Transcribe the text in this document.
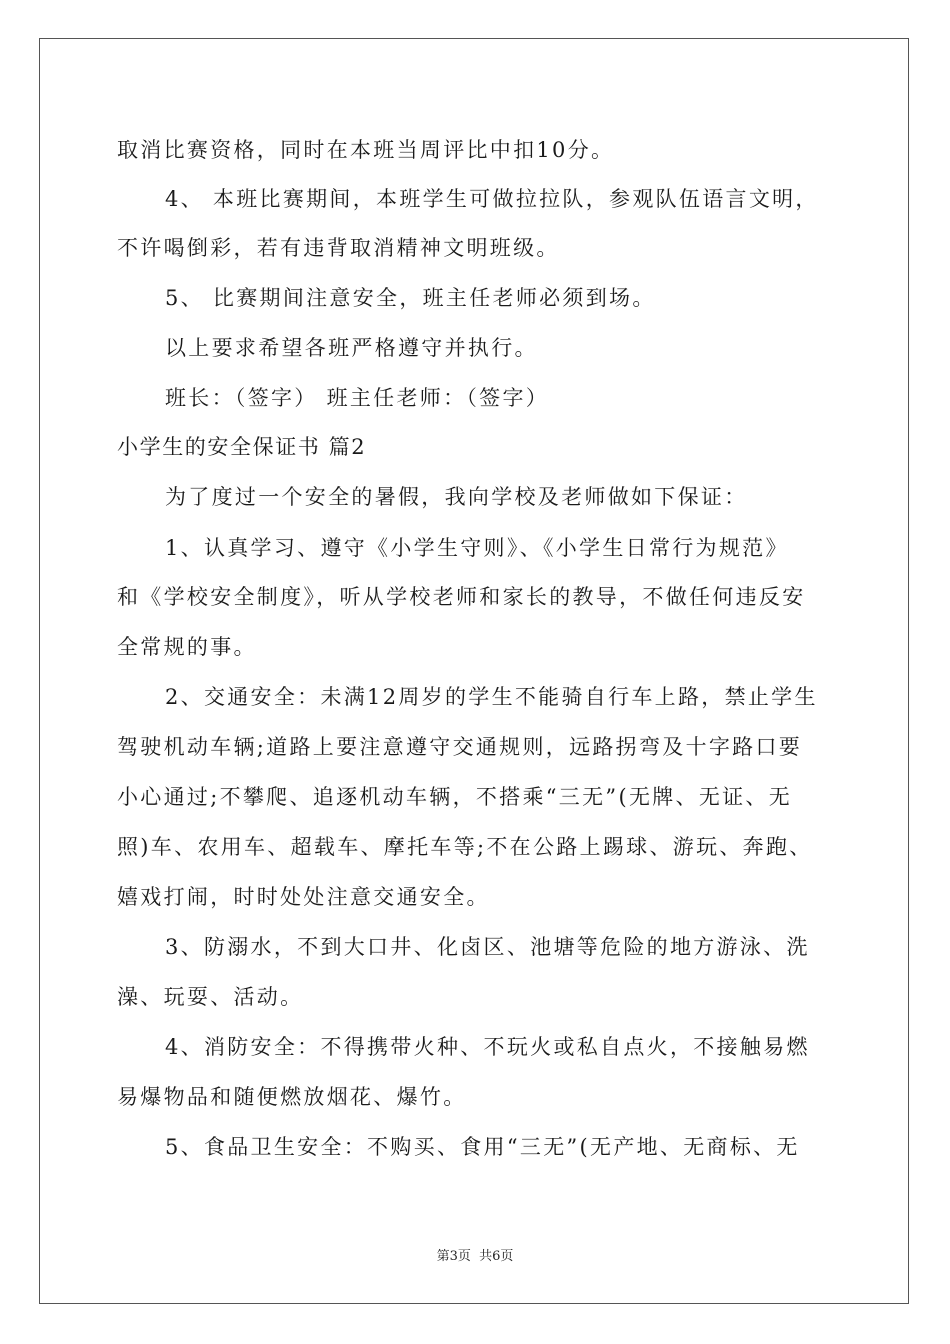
取消比赛资格，同时在本班当周评比中扣10分。
4、 本班比赛期间，本班学生可做拉拉队，参观队伍语言文明，
不许喝倒彩，若有违背取消精神文明班级。
5、 比赛期间注意安全，班主任老师必须到场。
以上要求希望各班严格遵守并执行。
班长：（签字） 班主任老师：（签字）
小学生的安全保证书 篇2
为了度过一个安全的暑假，我向学校及老师做如下保证：
1、认真学习、遵守《小学生守则》、《小学生日常行为规范》
和《学校安全制度》，听从学校老师和家长的教导，不做任何违反安
全常规的事。
2、交通安全：未满12周岁的学生不能骑自行车上路，禁止学生
驾驶机动车辆;道路上要注意遵守交通规则，远路拐弯及十字路口要
小心通过;不攀爬、追逐机动车辆，不搭乘“三无”(无牌、无证、无
照)车、农用车、超载车、摩托车等;不在公路上踢球、游玩、奔跑、
嬉戏打闹，时时处处注意交通安全。
3、防溺水，不到大口井、化卤区、池塘等危险的地方游泳、洗
澡、玩耍、活动。
4、消防安全：不得携带火种、不玩火或私自点火，不接触易燃
易爆物品和随便燃放烟花、爆竹。
5、食品卫生安全：不购买、食用“三无”(无产地、无商标、无
第3页  共6页
